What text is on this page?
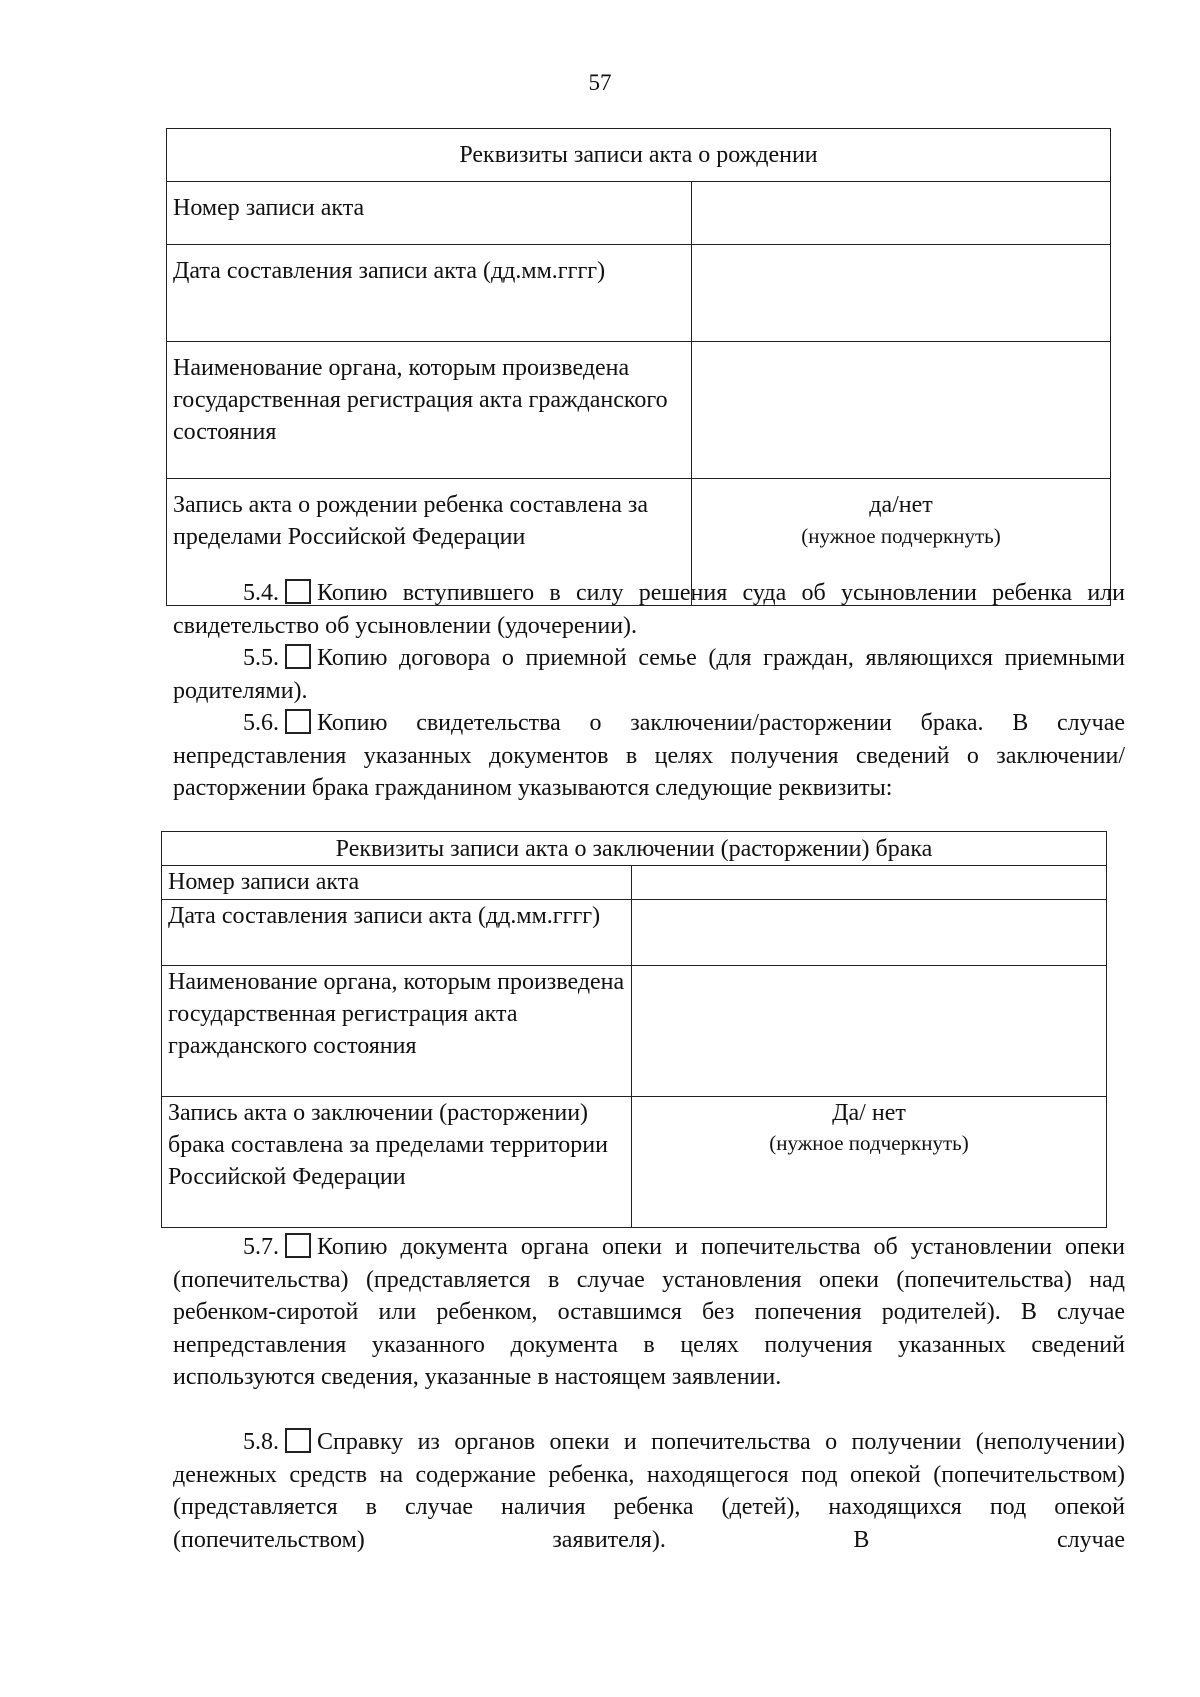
57
Реквизиты записи акта о рождении	
Номер записи акта	
Дата составления записи акта (дд.мм.гггг)	
Наименование органа, которым произведена государственная регистрация акта гражданского состояния	
Запись акта о рождении ребенка составлена за пределами Российской Федерации	да/нет
(нужное подчеркнуть)
5.4. Копию вступившего в силу решения суда об усыновлении ребенка или свидетельство об усыновлении (удочерении).
5.5. Копию договора о приемной семье (для граждан, являющихся приемными родителями).
5.6. Копию свидетельства о заключении/расторжении брака. В случае непредставления указанных документов в целях получения сведений о заключении/расторжении брака гражданином указываются следующие реквизиты:
Реквизиты записи акта о заключении (расторжении) брака	
Номер записи акта	
Дата составления записи акта (дд.мм.гггг)	
Наименование органа, которым произведена государственная регистрация акта гражданского состояния	
Запись акта о заключении (расторжении) брака составлена за пределами территории Российской Федерации	Да/ нет
(нужное подчеркнуть)
5.7. Копию документа органа опеки и попечительства об установлении опеки (попечительства) (представляется в случае установления опеки (попечительства) над ребенком-сиротой или ребенком, оставшимся без попечения родителей). В случае непредставления указанного документа в целях получения указанных сведений используются сведения, указанные в настоящем заявлении.
5.8. Справку из органов опеки и попечительства о получении (неполучении) денежных средств на содержание ребенка, находящегося под опекой (попечительством) (представляется в случае наличия ребенка (детей), находящихся под опекой (попечительством) заявителя). В случае
